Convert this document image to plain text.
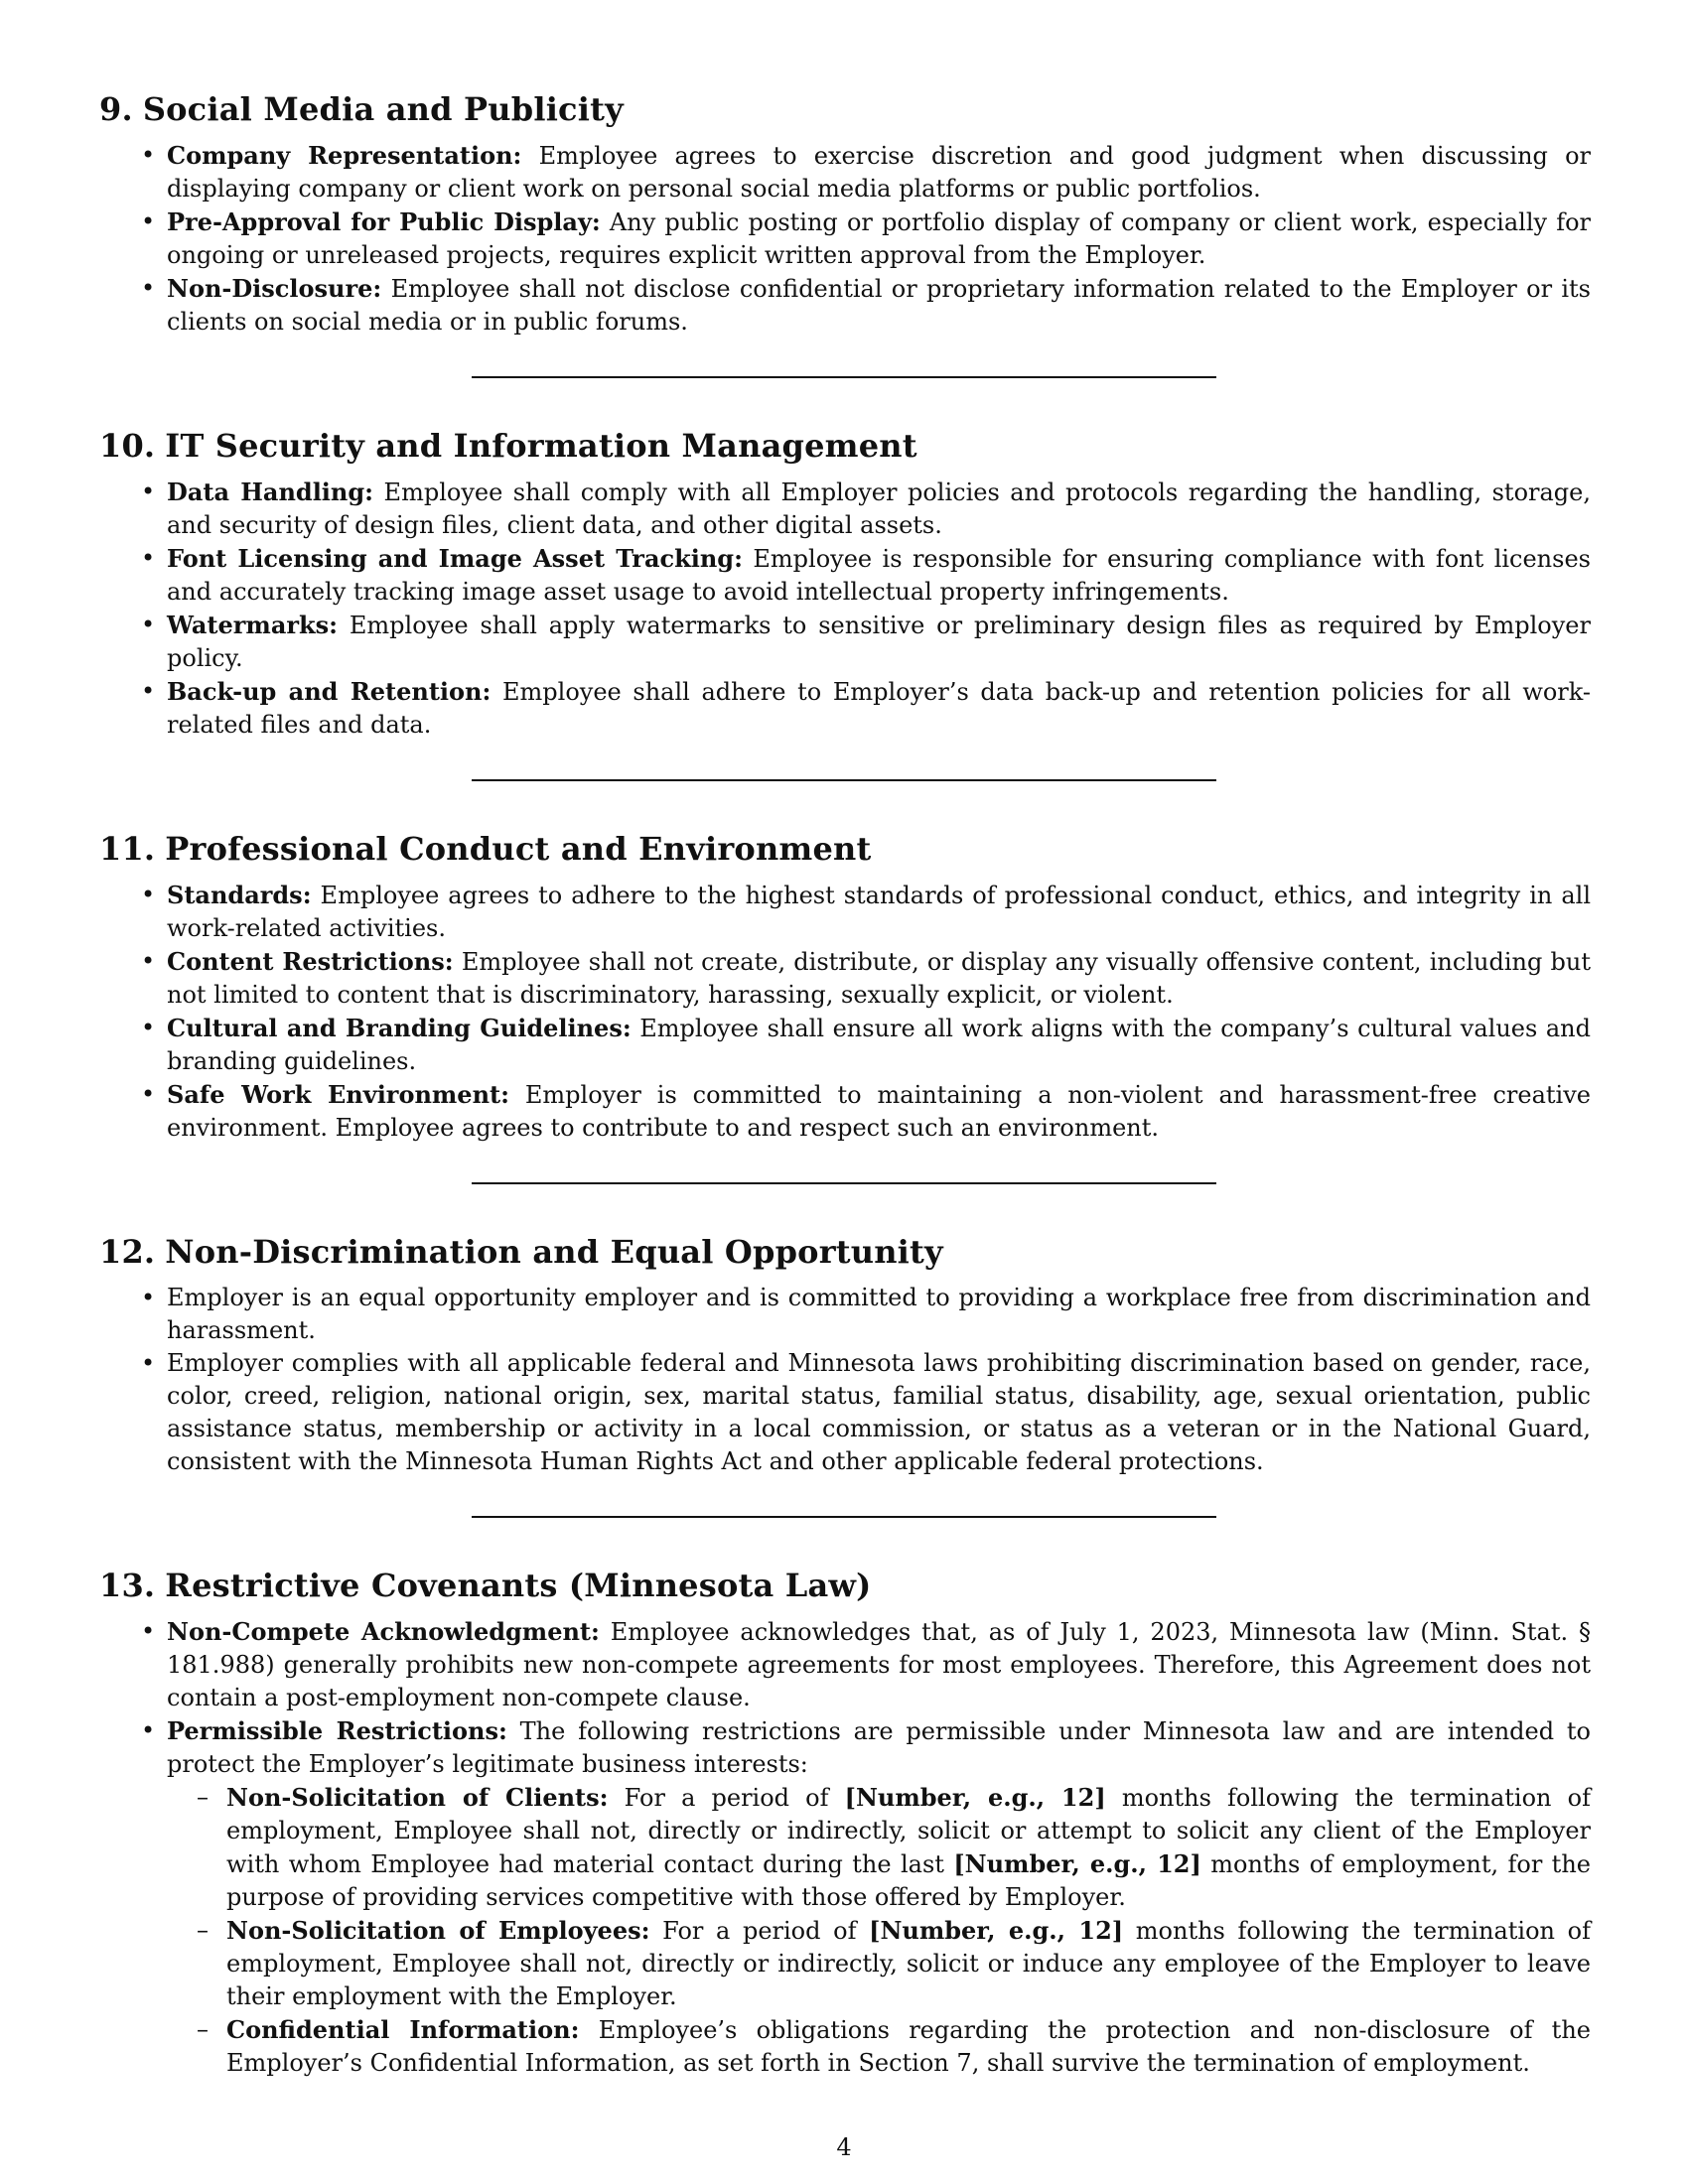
9. Social Media and Publicity
• Company Representation: Employee agrees to exercise discretion and good judgment when discussing or displaying company or client work on personal social media platforms or public portfolios.
• Pre-Approval for Public Display: Any public posting or portfolio display of company or client work, especially for ongoing or unreleased projects, requires explicit written approval from the Employer.
• Non-Disclosure: Employee shall not disclose confidential or proprietary information related to the Employer or its clients on social media or in public forums.
10. IT Security and Information Management
• Data Handling: Employee shall comply with all Employer policies and protocols regarding the handling, storage, and security of design files, client data, and other digital assets.
• Font Licensing and Image Asset Tracking: Employee is responsible for ensuring compliance with font licenses and accurately tracking image asset usage to avoid intellectual property infringements.
• Watermarks: Employee shall apply watermarks to sensitive or preliminary design files as required by Employer policy.
• Back-up and Retention: Employee shall adhere to Employer’s data back-up and retention policies for all work-related files and data.
11. Professional Conduct and Environment
• Standards: Employee agrees to adhere to the highest standards of professional conduct, ethics, and integrity in all work-related activities.
• Content Restrictions: Employee shall not create, distribute, or display any visually offensive content, including but not limited to content that is discriminatory, harassing, sexually explicit, or violent.
• Cultural and Branding Guidelines: Employee shall ensure all work aligns with the company’s cultural values and branding guidelines.
• Safe Work Environment: Employer is committed to maintaining a non-violent and harassment-free creative environment. Employee agrees to contribute to and respect such an environment.
12. Non-Discrimination and Equal Opportunity
• Employer is an equal opportunity employer and is committed to providing a workplace free from discrimination and harassment.
• Employer complies with all applicable federal and Minnesota laws prohibiting discrimination based on gender, race, color, creed, religion, national origin, sex, marital status, familial status, disability, age, sexual orientation, public assistance status, membership or activity in a local commission, or status as a veteran or in the National Guard, consistent with the Minnesota Human Rights Act and other applicable federal protections.
13. Restrictive Covenants (Minnesota Law)
• Non-Compete Acknowledgment: Employee acknowledges that, as of July 1, 2023, Minnesota law (Minn. Stat. § 181.988) generally prohibits new non-compete agreements for most employees. Therefore, this Agreement does not contain a post-employment non-compete clause.
• Permissible Restrictions: The following restrictions are permissible under Minnesota law and are intended to protect the Employer’s legitimate business interests:
– Non-Solicitation of Clients: For a period of [Number, e.g., 12] months following the termination of employment, Employee shall not, directly or indirectly, solicit or attempt to solicit any client of the Employer with whom Employee had material contact during the last [Number, e.g., 12] months of employment, for the purpose of providing services competitive with those offered by Employer.
– Non-Solicitation of Employees: For a period of [Number, e.g., 12] months following the termination of employment, Employee shall not, directly or indirectly, solicit or induce any employee of the Employer to leave their employment with the Employer.
– Confidential Information: Employee’s obligations regarding the protection and non-disclosure of the Employer’s Confidential Information, as set forth in Section 7, shall survive the termination of employment.
4
